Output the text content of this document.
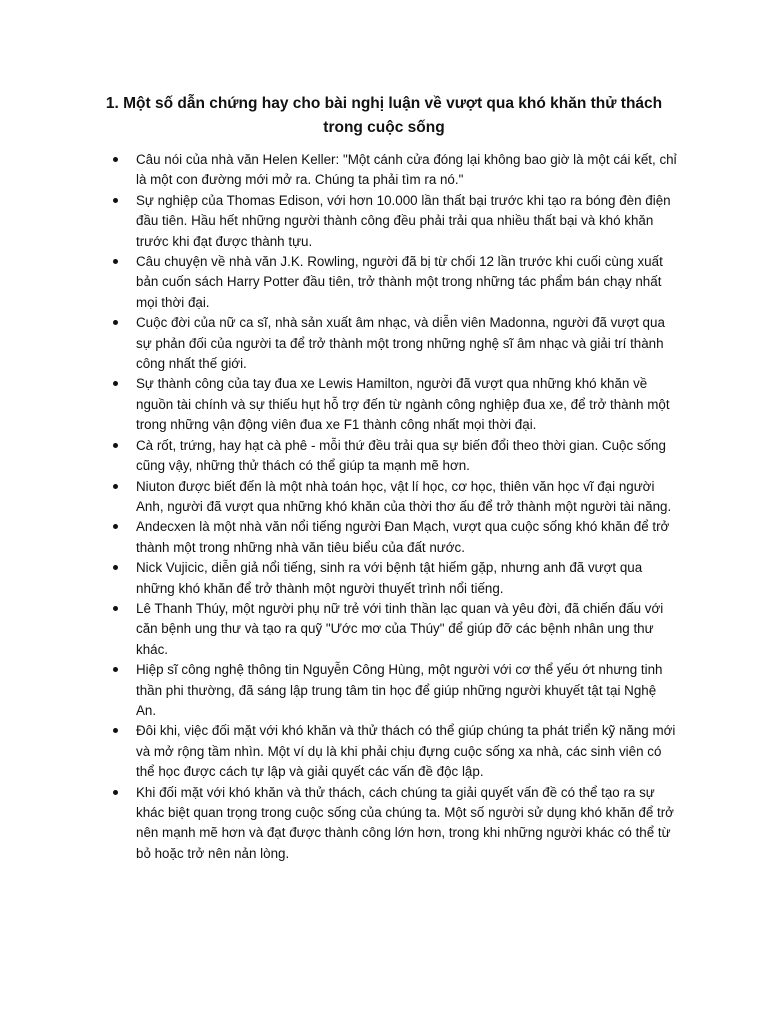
1. Một số dẫn chứng hay cho bài nghị luận về vượt qua khó khăn thử thách trong cuộc sống
Câu nói của nhà văn Helen Keller: "Một cánh cửa đóng lại không bao giờ là một cái kết, chỉ là một con đường mới mở ra. Chúng ta phải tìm ra nó."
Sự nghiệp của Thomas Edison, với hơn 10.000 lần thất bại trước khi tạo ra bóng đèn điện đầu tiên. Hầu hết những người thành công đều phải trải qua nhiều thất bại và khó khăn trước khi đạt được thành tựu.
Câu chuyện về nhà văn J.K. Rowling, người đã bị từ chối 12 lần trước khi cuối cùng xuất bản cuốn sách Harry Potter đầu tiên, trở thành một trong những tác phẩm bán chạy nhất mọi thời đại.
Cuộc đời của nữ ca sĩ, nhà sản xuất âm nhạc, và diễn viên Madonna, người đã vượt qua sự phản đối của người ta để trở thành một trong những nghệ sĩ âm nhạc và giải trí thành công nhất thế giới.
Sự thành công của tay đua xe Lewis Hamilton, người đã vượt qua những khó khăn về nguồn tài chính và sự thiếu hụt hỗ trợ đến từ ngành công nghiệp đua xe, để trở thành một trong những vận động viên đua xe F1 thành công nhất mọi thời đại.
Cà rốt, trứng, hay hạt cà phê - mỗi thứ đều trải qua sự biến đổi theo thời gian. Cuộc sống cũng vậy, những thử thách có thể giúp ta mạnh mẽ hơn.
Niuton được biết đến là một nhà toán học, vật lí học, cơ học, thiên văn học vĩ đại người Anh, người đã vượt qua những khó khăn của thời thơ ấu để trở thành một người tài năng.
Andecxen là một nhà văn nổi tiếng người Đan Mạch, vượt qua cuộc sống khó khăn để trở thành một trong những nhà văn tiêu biểu của đất nước.
Nick Vujicic, diễn giả nổi tiếng, sinh ra với bệnh tật hiếm gặp, nhưng anh đã vượt qua những khó khăn để trở thành một người thuyết trình nổi tiếng.
Lê Thanh Thúy, một người phụ nữ trẻ với tinh thần lạc quan và yêu đời, đã chiến đấu với căn bệnh ung thư và tạo ra quỹ "Ước mơ của Thúy" để giúp đỡ các bệnh nhân ung thư khác.
Hiệp sĩ công nghệ thông tin Nguyễn Công Hùng, một người với cơ thể yếu ớt nhưng tinh thần phi thường, đã sáng lập trung tâm tin học để giúp những người khuyết tật tại Nghệ An.
Đôi khi, việc đối mặt với khó khăn và thử thách có thể giúp chúng ta phát triển kỹ năng mới và mở rộng tầm nhìn. Một ví dụ là khi phải chịu đựng cuộc sống xa nhà, các sinh viên có thể học được cách tự lập và giải quyết các vấn đề độc lập.
Khi đối mặt với khó khăn và thử thách, cách chúng ta giải quyết vấn đề có thể tạo ra sự khác biệt quan trọng trong cuộc sống của chúng ta. Một số người sử dụng khó khăn để trở nên mạnh mẽ hơn và đạt được thành công lớn hơn, trong khi những người khác có thể từ bỏ hoặc trở nên nản lòng.
